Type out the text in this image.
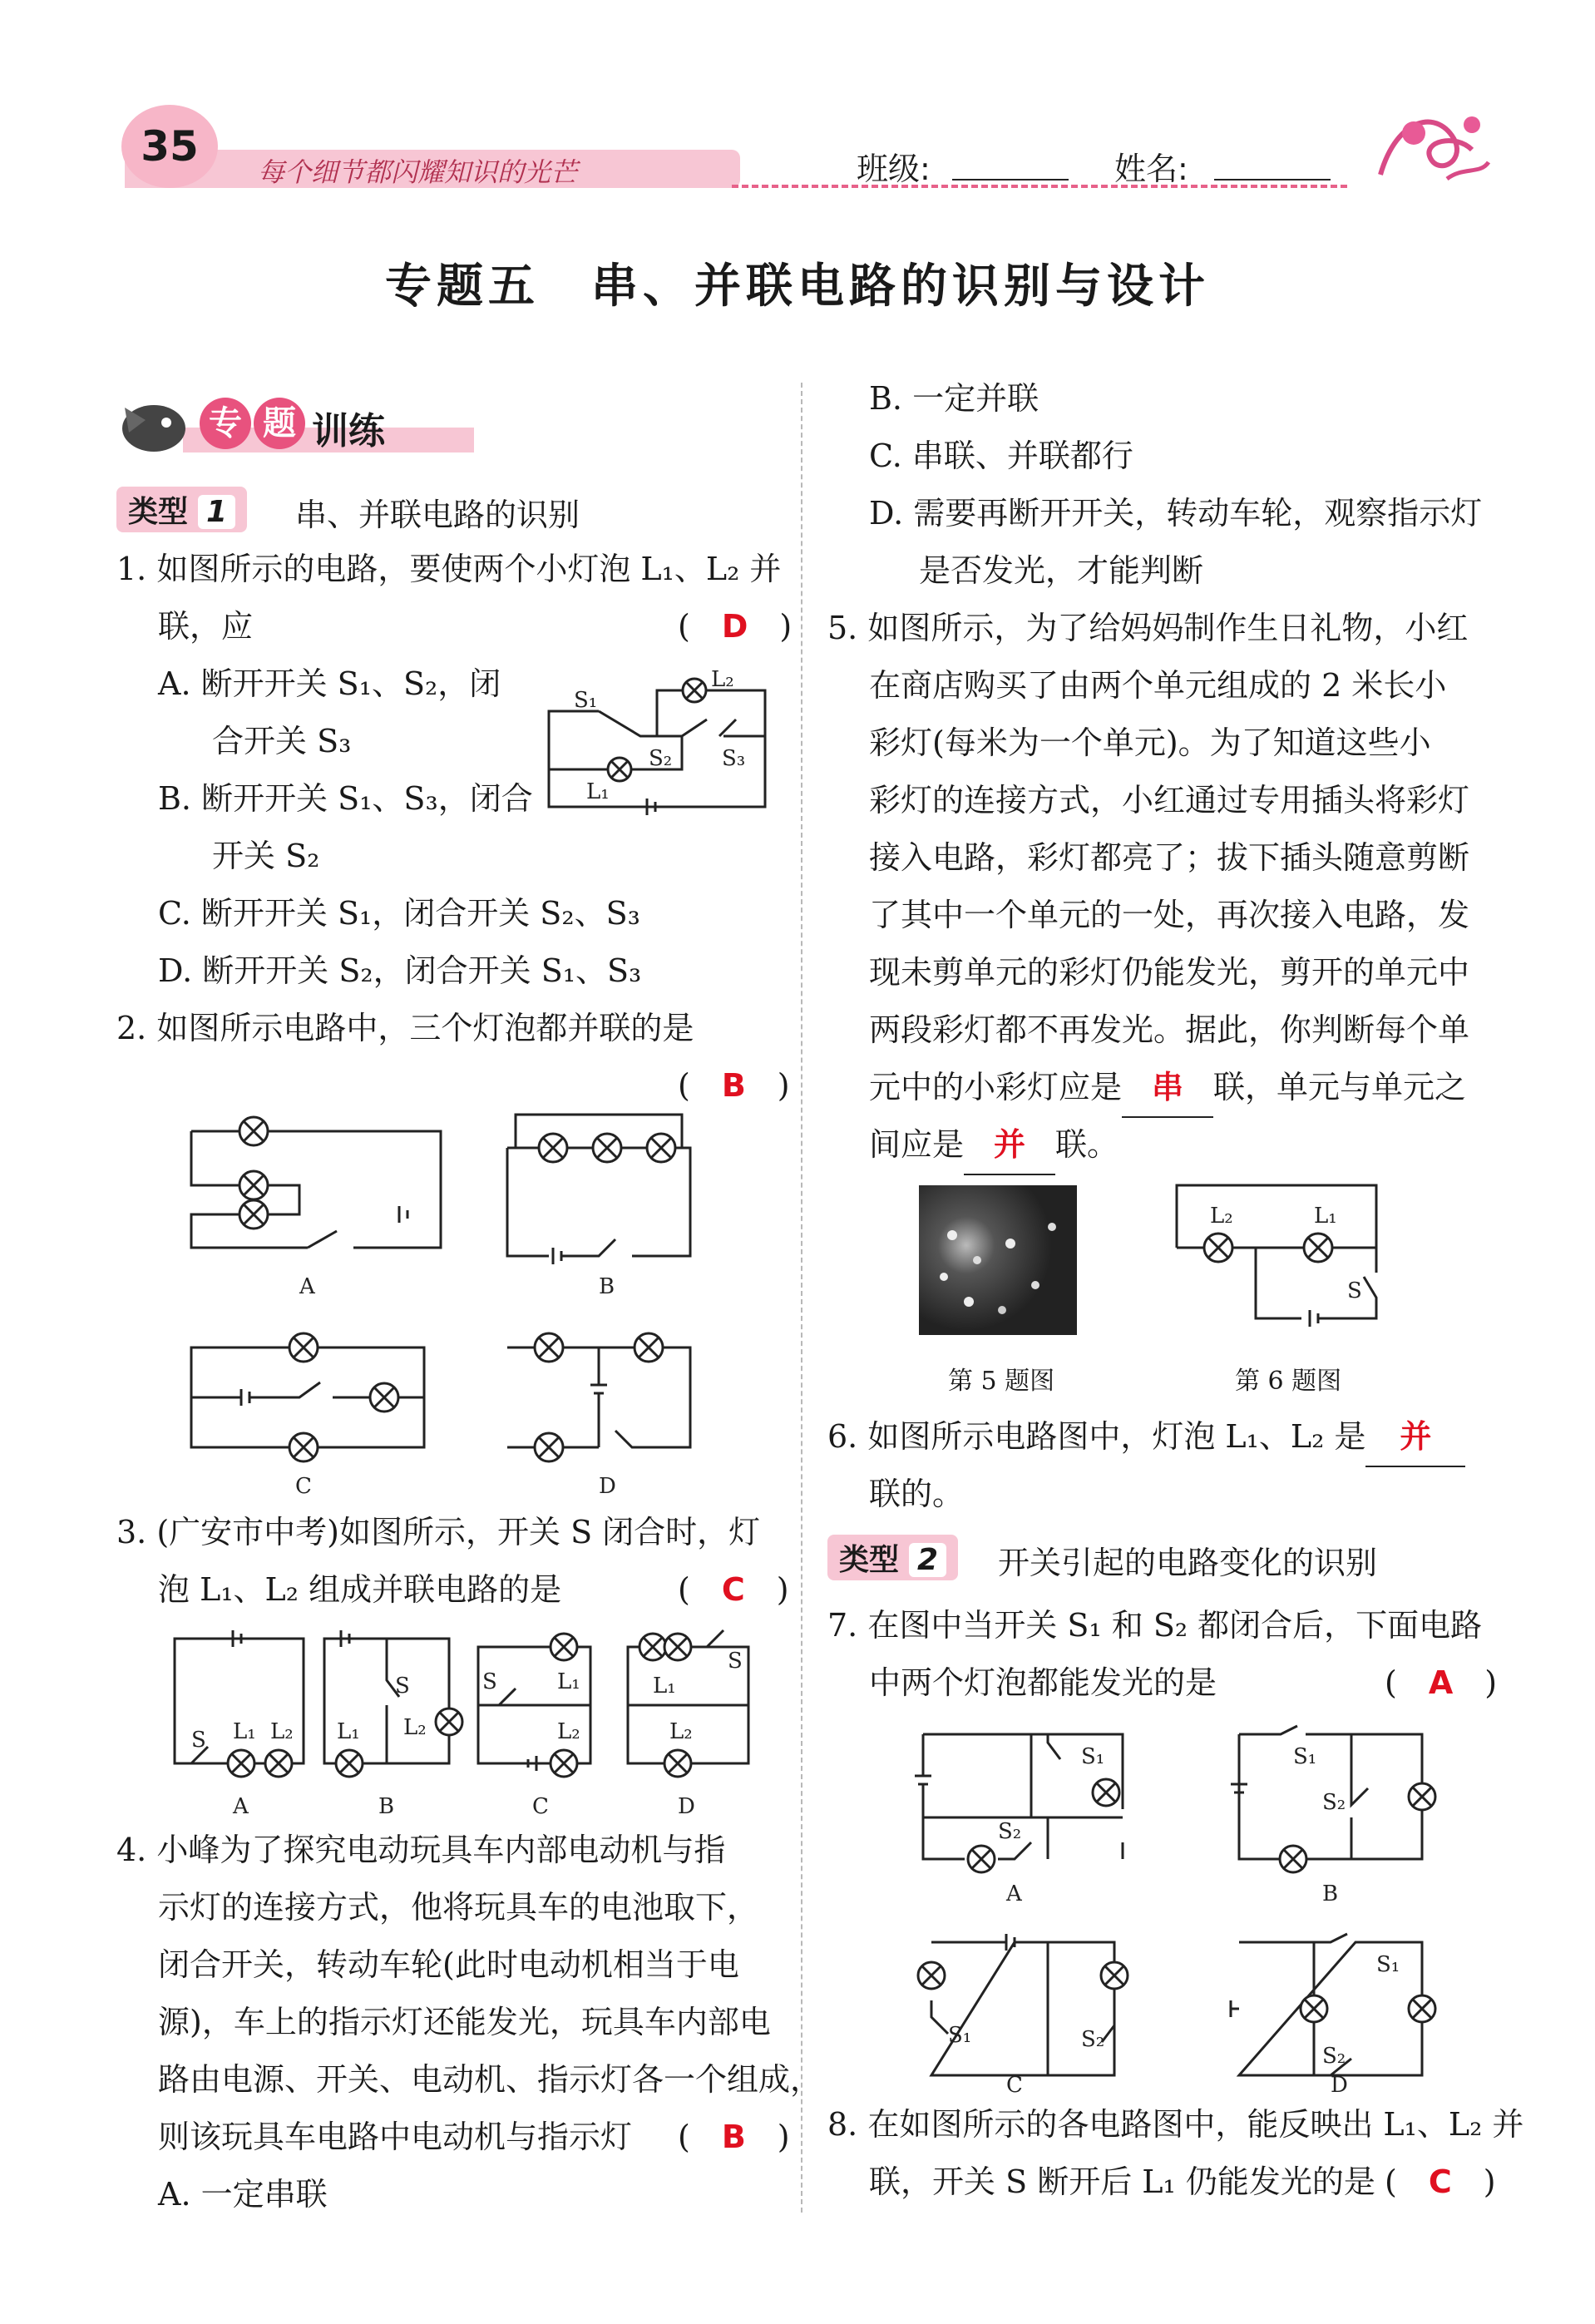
35
每个细节都闪耀知识的光芒	班级:	姓名:
专题五　串、并联电路的识别与设计
专 题 训练
类型 1	串、并联电路的识别
1. 如图所示的电路，要使两个小灯泡 L₁、L₂ 并
联，应	(　D　)
A. 断开开关 S₁、S₂，闭
合开关 S₃
B. 断开开关 S₁、S₃，闭合
开关 S₂
C. 断开开关 S₁，闭合开关 S₂、S₃
D. 断开开关 S₂，闭合开关 S₁、S₃
S₁
L₂
S₂ S₃
L₁
2. 如图所示电路中，三个灯泡都并联的是
(　B　)
A	B
C	D
3. (广安市中考)如图所示，开关 S 闭合时，灯
泡 L₁、L₂ 组成并联电路的是	(　C　)
S L₁ L₂
A
S
L₁ L₂
B
S	L₁
L₂
C
S
L₁
L₂
D
4. 小峰为了探究电动玩具车内部电动机与指
示灯的连接方式，他将玩具车的电池取下，
闭合开关，转动车轮(此时电动机相当于电
源)，车上的指示灯还能发光，玩具车内部电
路由电源、开关、电动机、指示灯各一个组成，
则该玩具车电路中电动机与指示灯 (　B　)
A. 一定串联
B. 一定并联
C. 串联、并联都行
D. 需要再断开开关，转动车轮，观察指示灯
是否发光，才能判断
5. 如图所示，为了给妈妈制作生日礼物，小红
在商店购买了由两个单元组成的 2 米长小
彩灯(每米为一个单元)。为了知道这些小
彩灯的连接方式，小红通过专用插头将彩灯
接入电路，彩灯都亮了；拔下插头随意剪断
了其中一个单元的一处，再次接入电路，发
现未剪单元的彩灯仍能发光，剪开的单元中
两段彩灯都不再发光。据此，你判断每个单
元中的小彩灯应是 串 联，单元与单元之
间应是 并 联。
第 5 题图
L₂	L₁
S
第 6 题图
6. 如图所示电路图中，灯泡 L₁、L₂ 是 并
联的。
类型 2	开关引起的电路变化的识别
7. 在图中当开关 S₁ 和 S₂ 都闭合后，下面电路
中两个灯泡都能发光的是	(　A　)
S₁
S₂
A
S₁
S₂
B
S₁	S₂
C
S₁
S₂
D
8. 在如图所示的各电路图中，能反映出 L₁、L₂ 并
联，开关 S 断开后 L₁ 仍能发光的是 (　C　)
